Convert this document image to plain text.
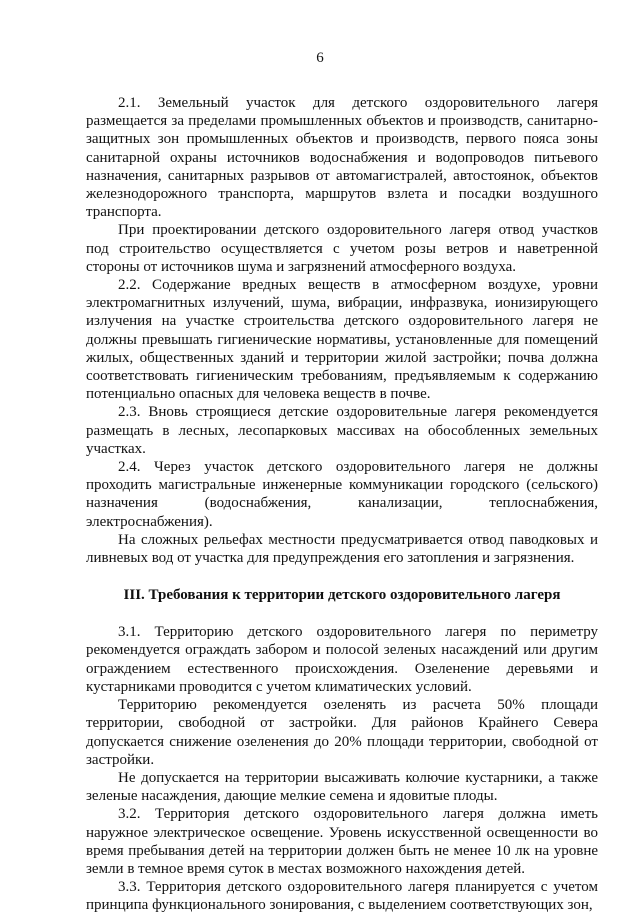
6

2.1. Земельный участок для детского оздоровительного лагеря размещается за пределами промышленных объектов и производств, санитарно-защитных зон промышленных объектов и производств, первого пояса зоны санитарной охраны источников водоснабжения и водопроводов питьевого назначения, санитарных разрывов от автомагистралей, автостоянок, объектов железнодорожного транспорта, маршрутов взлета и посадки воздушного транспорта.

При проектировании детского оздоровительного лагеря отвод участков под строительство осуществляется с учетом розы ветров и наветренной стороны от источников шума и загрязнений атмосферного воздуха.

2.2. Содержание вредных веществ в атмосферном воздухе, уровни электромагнитных излучений, шума, вибрации, инфразвука, ионизирующего излучения на участке строительства детского оздоровительного лагеря не должны превышать гигиенические нормативы, установленные для помещений жилых, общественных зданий и территории жилой застройки; почва должна соответствовать гигиеническим требованиям, предъявляемым к содержанию потенциально опасных для человека веществ в почве.

2.3. Вновь строящиеся детские оздоровительные лагеря рекомендуется размещать в лесных, лесопарковых массивах на обособленных земельных участках.

2.4. Через участок детского оздоровительного лагеря не должны проходить магистральные инженерные коммуникации городского (сельского) назначения (водоснабжения, канализации, теплоснабжения, электроснабжения).

На сложных рельефах местности предусматривается отвод паводковых и ливневых вод от участка для предупреждения его затопления и загрязнения.

III. Требования к территории детского оздоровительного лагеря

3.1. Территорию детского оздоровительного лагеря по периметру рекомендуется ограждать забором и полосой зеленых насаждений или другим ограждением естественного происхождения. Озеленение деревьями и кустарниками проводится с учетом климатических условий.

Территорию рекомендуется озеленять из расчета 50% площади территории, свободной от застройки. Для районов Крайнего Севера допускается снижение озеленения до 20% площади территории, свободной от застройки.

Не допускается на территории высаживать колючие кустарники, а также зеленые насаждения, дающие мелкие семена и ядовитые плоды.

3.2. Территория детского оздоровительного лагеря должна иметь наружное электрическое освещение. Уровень искусственной освещенности во время пребывания детей на территории должен быть не менее 10 лк на уровне земли в темное время суток в местах возможного нахождения детей.

3.3. Территория детского оздоровительного лагеря планируется с учетом принципа функционального зонирования, с выделением соответствующих зон,
